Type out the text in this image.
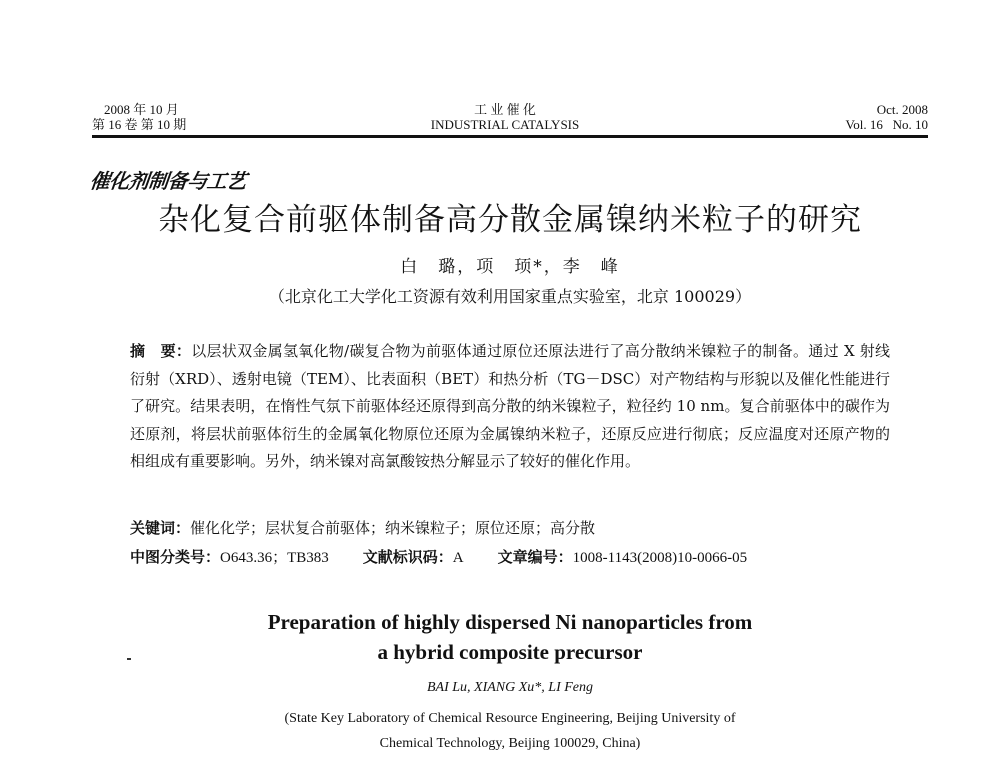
2008 年 10 月
第 16 卷 第 10 期
工 业 催 化
INDUSTRIAL CATALYSIS
Oct. 2008
Vol. 16   No. 10
催化剂制备与工艺
杂化复合前驱体制备高分散金属镍纳米粒子的研究
白　璐，项　顼*，李　峰
（北京化工大学化工资源有效利用国家重点实验室，北京 100029）
摘　要：以层状双金属氢氧化物/碳复合物为前驱体通过原位还原法进行了高分散纳米镍粒子的制备。通过 X 射线衍射（XRD）、透射电镜（TEM）、比表面积（BET）和热分析（TG－DSC）对产物结构与形貌以及催化性能进行了研究。结果表明，在惰性气氛下前驱体经还原得到高分散的纳米镍粒子，粒径约 10 nm。复合前驱体中的碳作为还原剂，将层状前驱体衍生的金属氧化物原位还原为金属镍纳米粒子，还原反应进行彻底；反应温度对还原产物的相组成有重要影响。另外，纳米镍对高氯酸铵热分解显示了较好的催化作用。
关键词：催化化学；层状复合前驱体；纳米镍粒子；原位还原；高分散
中图分类号：O643.36；TB383 文献标识码：A 文章编号：1008-1143(2008)10-0066-05
Preparation of highly dispersed Ni nanoparticles from
a hybrid composite precursor
BAI Lu, XIANG Xu*, LI Feng
(State Key Laboratory of Chemical Resource Engineering, Beijing University of
Chemical Technology, Beijing 100029, China)
